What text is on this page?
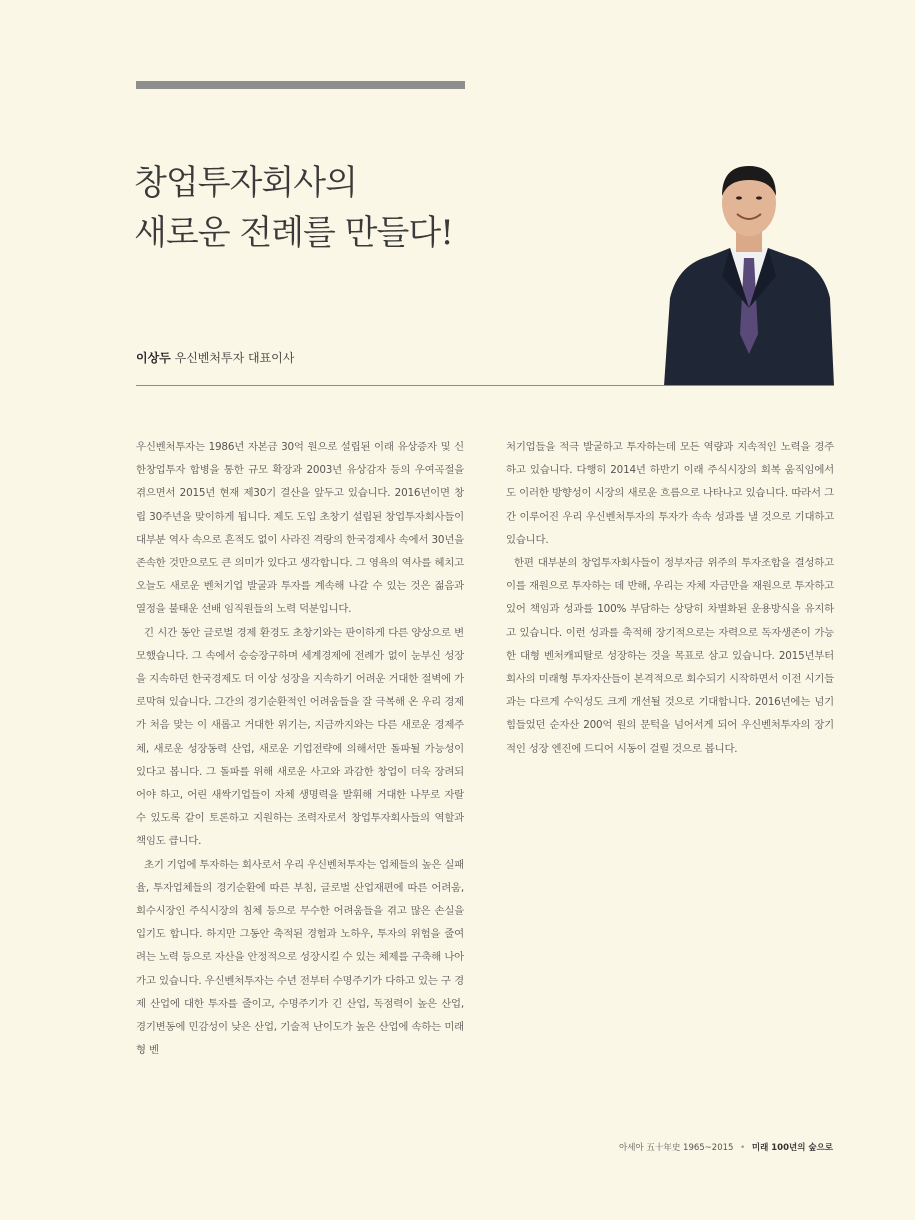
창업투자회사의
새로운 전례를 만들다!
이상두 우신벤처투자 대표이사

우신벤처투자는 1986년 자본금 30억 원으로 설립된 이래 유상증자 및 신한창업투자 합병을 통한 규모 확장과 2003년 유상감자 등의 우여곡절을 겪으면서 2015년 현재 제30기 결산을 앞두고 있습니다. 2016년이면 창립 30주년을 맞이하게 됩니다. 제도 도입 초창기 설립된 창업투자회사들이 대부분 역사 속으로 흔적도 없이 사라진 격랑의 한국경제사 속에서 30년을 존속한 것만으로도 큰 의미가 있다고 생각합니다. 그 영욕의 역사를 헤치고 오늘도 새로운 벤처기업 발굴과 투자를 계속해 나갈 수 있는 것은 젊음과 열정을 불태운 선배 임직원들의 노력 덕분입니다.

긴 시간 동안 글로벌 경제 환경도 초창기와는 판이하게 다른 양상으로 변모했습니다. 그 속에서 승승장구하며 세계경제에 전례가 없이 눈부신 성장을 지속하던 한국경제도 더 이상 성장을 지속하기 어려운 거대한 절벽에 가로막혀 있습니다. 그간의 경기순환적인 어려움들을 잘 극복해 온 우리 경제가 처음 맞는 이 새롭고 거대한 위기는, 지금까지와는 다른 새로운 경제주체, 새로운 성장동력 산업, 새로운 기업전략에 의해서만 돌파될 가능성이 있다고 봅니다. 그 돌파를 위해 새로운 사고와 과감한 창업이 더욱 장려되어야 하고, 어린 새싹기업들이 자체 생명력을 발휘해 거대한 나무로 자랄 수 있도록 같이 토론하고 지원하는 조력자로서 창업투자회사들의 역할과 책임도 큽니다.

초기 기업에 투자하는 회사로서 우리 우신벤처투자는 업체들의 높은 실패율, 투자업체들의 경기순환에 따른 부침, 글로벌 산업재편에 따른 어려움, 회수시장인 주식시장의 침체 등으로 무수한 어려움들을 겪고 많은 손실을 입기도 합니다. 하지만 그동안 축적된 경험과 노하우, 투자의 위험을 줄여려는 노력 등으로 자산을 안정적으로 성장시킬 수 있는 체제를 구축해 나아가고 있습니다. 우신벤처투자는 수년 전부터 수명주기가 다하고 있는 구 경제 산업에 대한 투자를 줄이고, 수명주기가 긴 산업, 독점력이 높은 산업, 경기변동에 민감성이 낮은 산업, 기술적 난이도가 높은 산업에 속하는 미래형 벤

처기업들을 적극 발굴하고 투자하는데 모든 역량과 지속적인 노력을 경주하고 있습니다. 다행히 2014년 하반기 이래 주식시장의 회복 움직임에서도 이러한 방향성이 시장의 새로운 흐름으로 나타나고 있습니다. 따라서 그간 이루어진 우리 우신벤처투자의 투자가 속속 성과를 낼 것으로 기대하고 있습니다.

한편 대부분의 창업투자회사들이 정부자금 위주의 투자조합을 결성하고 이를 재원으로 투자하는 데 반해, 우리는 자체 자금만을 재원으로 투자하고 있어 책임과 성과를 100% 부담하는 상당히 차별화된 운용방식을 유지하고 있습니다. 이런 성과를 축적해 장기적으로는 자력으로 독자생존이 가능한 대형 벤처캐피탈로 성장하는 것을 목표로 삼고 있습니다. 2015년부터 회사의 미래형 투자자산들이 본격적으로 회수되기 시작하면서 이전 시기들과는 다르게 수익성도 크게 개선될 것으로 기대합니다. 2016년에는 넘기 힘들었던 순자산 200억 원의 문턱을 넘어서게 되어 우신벤처투자의 장기적인 성장 엔진에 드디어 시동이 걸릴 것으로 봅니다.

아세아 五十年史 1965~2015 • 미래 100년의 숲으로
